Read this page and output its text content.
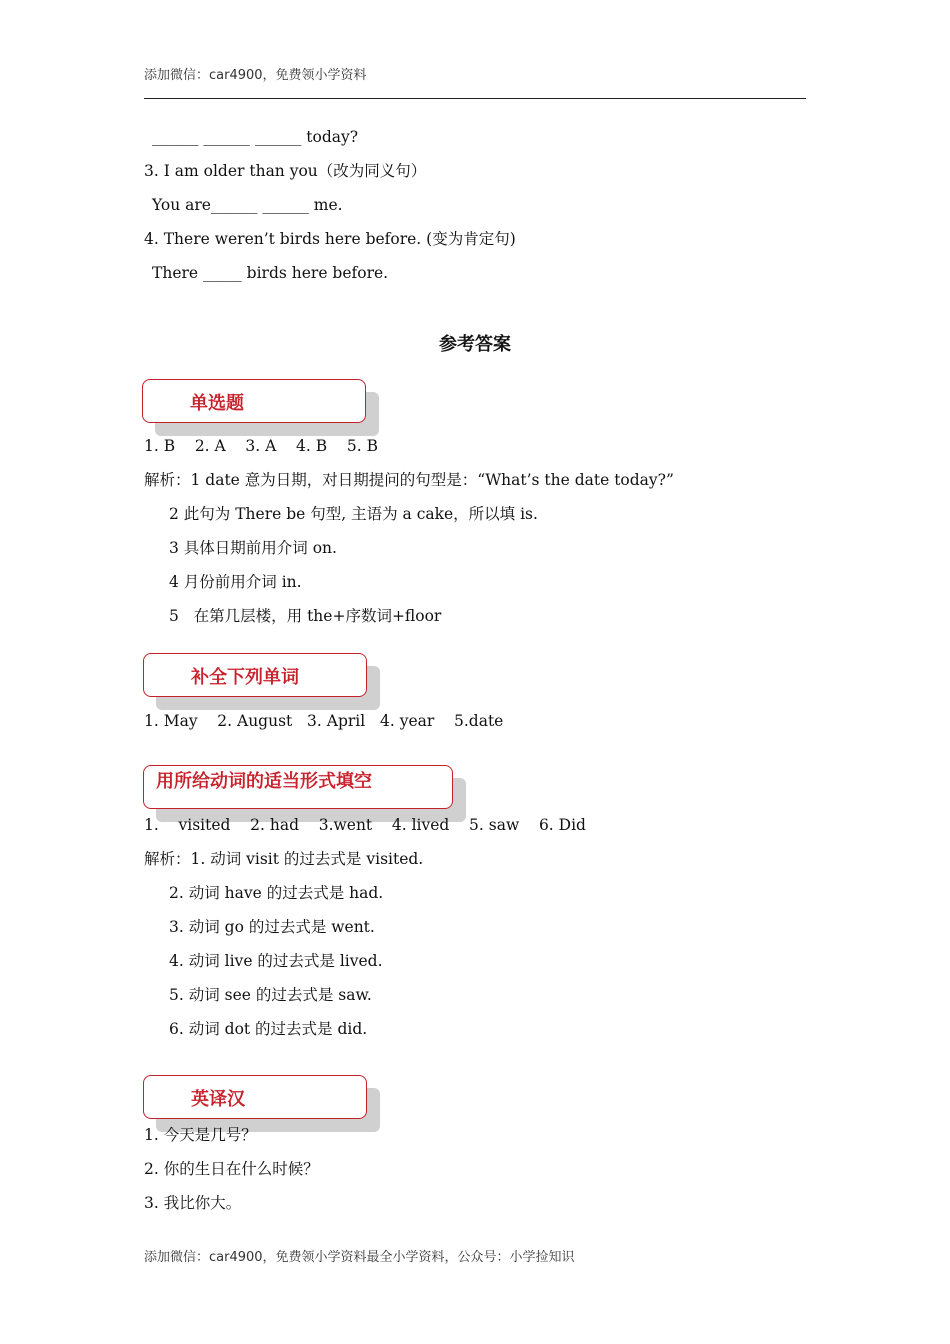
添加微信：car4900，免费领小学资料
______ ______ ______ today?
3. I am older than you（改为同义句）
You are______ ______ me.
4. There weren’t birds here before. (变为肯定句)
There _____ birds here before.
参考答案
单选题
1. B    2. A    3. A    4. B    5. B
解析：1 date 意为日期，对日期提问的句型是：“What’s the date today?”
2 此句为 There be 句型, 主语为 a cake，所以填 is.
3 具体日期前用介词 on.
4 月份前用介词 in.
5   在第几层楼，用 the+序数词+floor
补全下列单词
1. May    2. August   3. April   4. year    5.date
用所给动词的适当形式填空
1.    visited    2. had    3.went    4. lived    5. saw    6. Did
解析：1. 动词 visit 的过去式是 visited.
2. 动词 have 的过去式是 had.
3. 动词 go 的过去式是 went.
4. 动词 live 的过去式是 lived.
5. 动词 see 的过去式是 saw.
6. 动词 dot 的过去式是 did.
英译汉
1. 今天是几号？
2. 你的生日在什么时候？
3. 我比你大。
添加微信：car4900，免费领小学资料最全小学资料，公众号：小学捡知识
